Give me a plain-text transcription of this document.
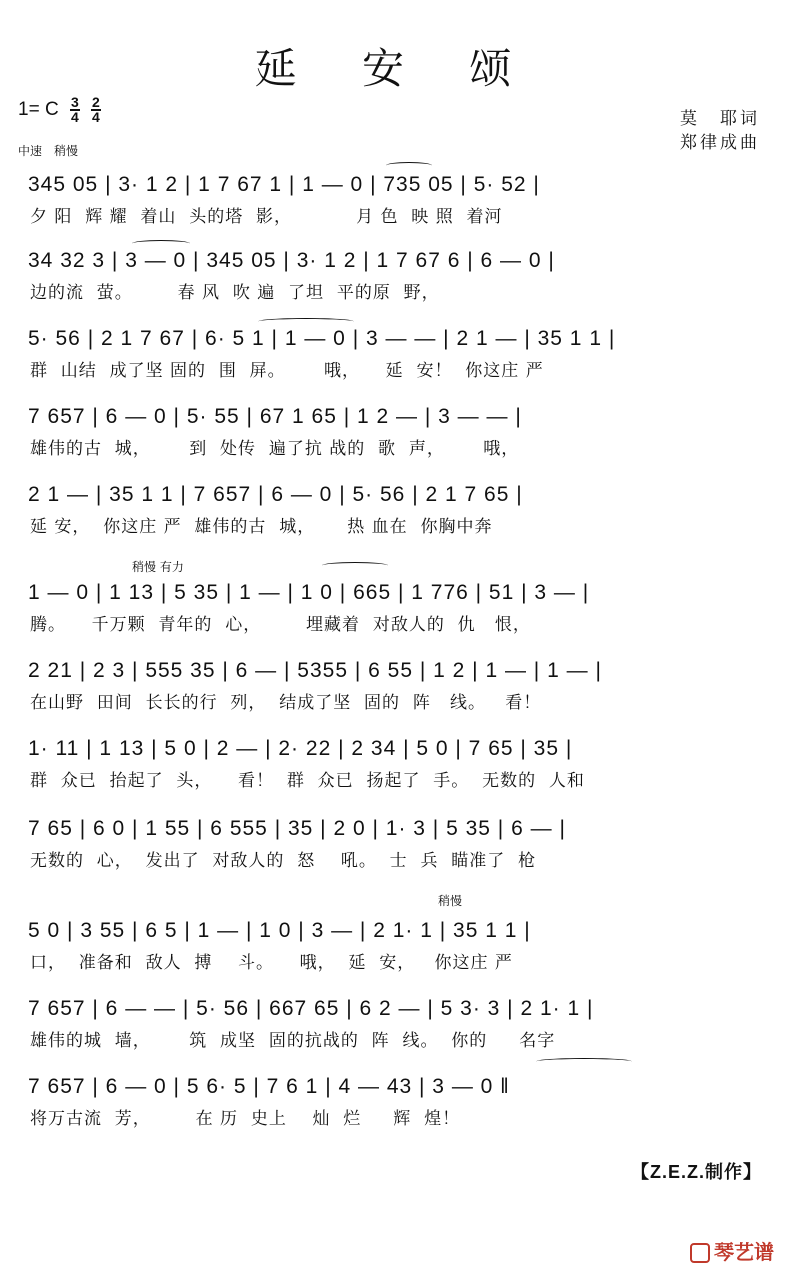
延 安 颂
1= C $\frac{3}{4} \frac{2}{4}$	莫　耶词
郑律成曲
中速　稍慢
345 05 | 3· 1 2 | 1 7 67 1 | 1 — 0 | 735 05 | 5· 52 |
夕 阳  辉 耀  着山  头的塔  影，          月 色  映 照  着河
34 32 3 | 3 — 0 | 345 05 | 3· 1 2 | 1 7 67 6 | 6 — 0 |
边的流  萤。       春 风  吹 遍  了坦  平的原  野，
5· 56 | 2 1 7 67 | 6· 5 1 | 1 — 0 | 3 — — | 2 1 — | 35 1 1 |
群  山结  成了坚 固的  围  屏。      哦，    延  安！  你这庄 严
7 657 | 6 — 0 | 5· 55 | 67 1 65 | 1 2 — | 3 — — |
雄伟的古  城，      到  处传  遍了抗 战的  歌  声，      哦，
2 1 — | 35 1 1 | 7 657 | 6 — 0 | 5· 56 | 2 1 7 65 |
延 安，  你这庄 严  雄伟的古  城，     热 血在  你胸中奔
稍慢 有力
1 — 0 | 1 13 | 5 35 | 1 — | 1 0 | 665 | 1 776 | 51 | 3 — |
腾。    千万颗  青年的  心，       埋藏着  对敌人的  仇   恨，
2 21 | 2 3 | 555 35 | 6 — | 5355 | 6 55 | 1 2 | 1 — | 1 — |
在山野  田间  长长的行  列，  结成了坚  固的  阵   线。   看！
1· 11 | 1 13 | 5 0 | 2 — | 2· 22 | 2 34 | 5 0 | 7 65 | 35 |
群  众已  抬起了  头，    看！  群  众已  扬起了  手。  无数的  人和
7 65 | 6 0 | 1 55 | 6 555 | 35 | 2 0 | 1· 3 | 5 35 | 6 — |
无数的  心，  发出了  对敌人的  怒    吼。  士  兵  瞄准了  枪
稍慢
5 0 | 3 55 | 6 5 | 1 — | 1 0 | 3 — | 2 1· 1 | 35 1 1 |
口，  准备和  敌人  搏    斗。    哦，  延  安，   你这庄 严
7 657 | 6 — — | 5· 56 | 667 65 | 6 2 — | 5 3· 3 | 2 1· 1 |
雄伟的城  墙，      筑  成坚  固的抗战的  阵  线。  你的     名字
7 657 | 6 — 0 | 5 6· 5 | 7 6 1 | 4 — 43 | 3 — 0 ‖
将万古流  芳，       在 历  史上    灿  烂     辉  煌！
【Z.E.Z.制作】
琴艺谱
